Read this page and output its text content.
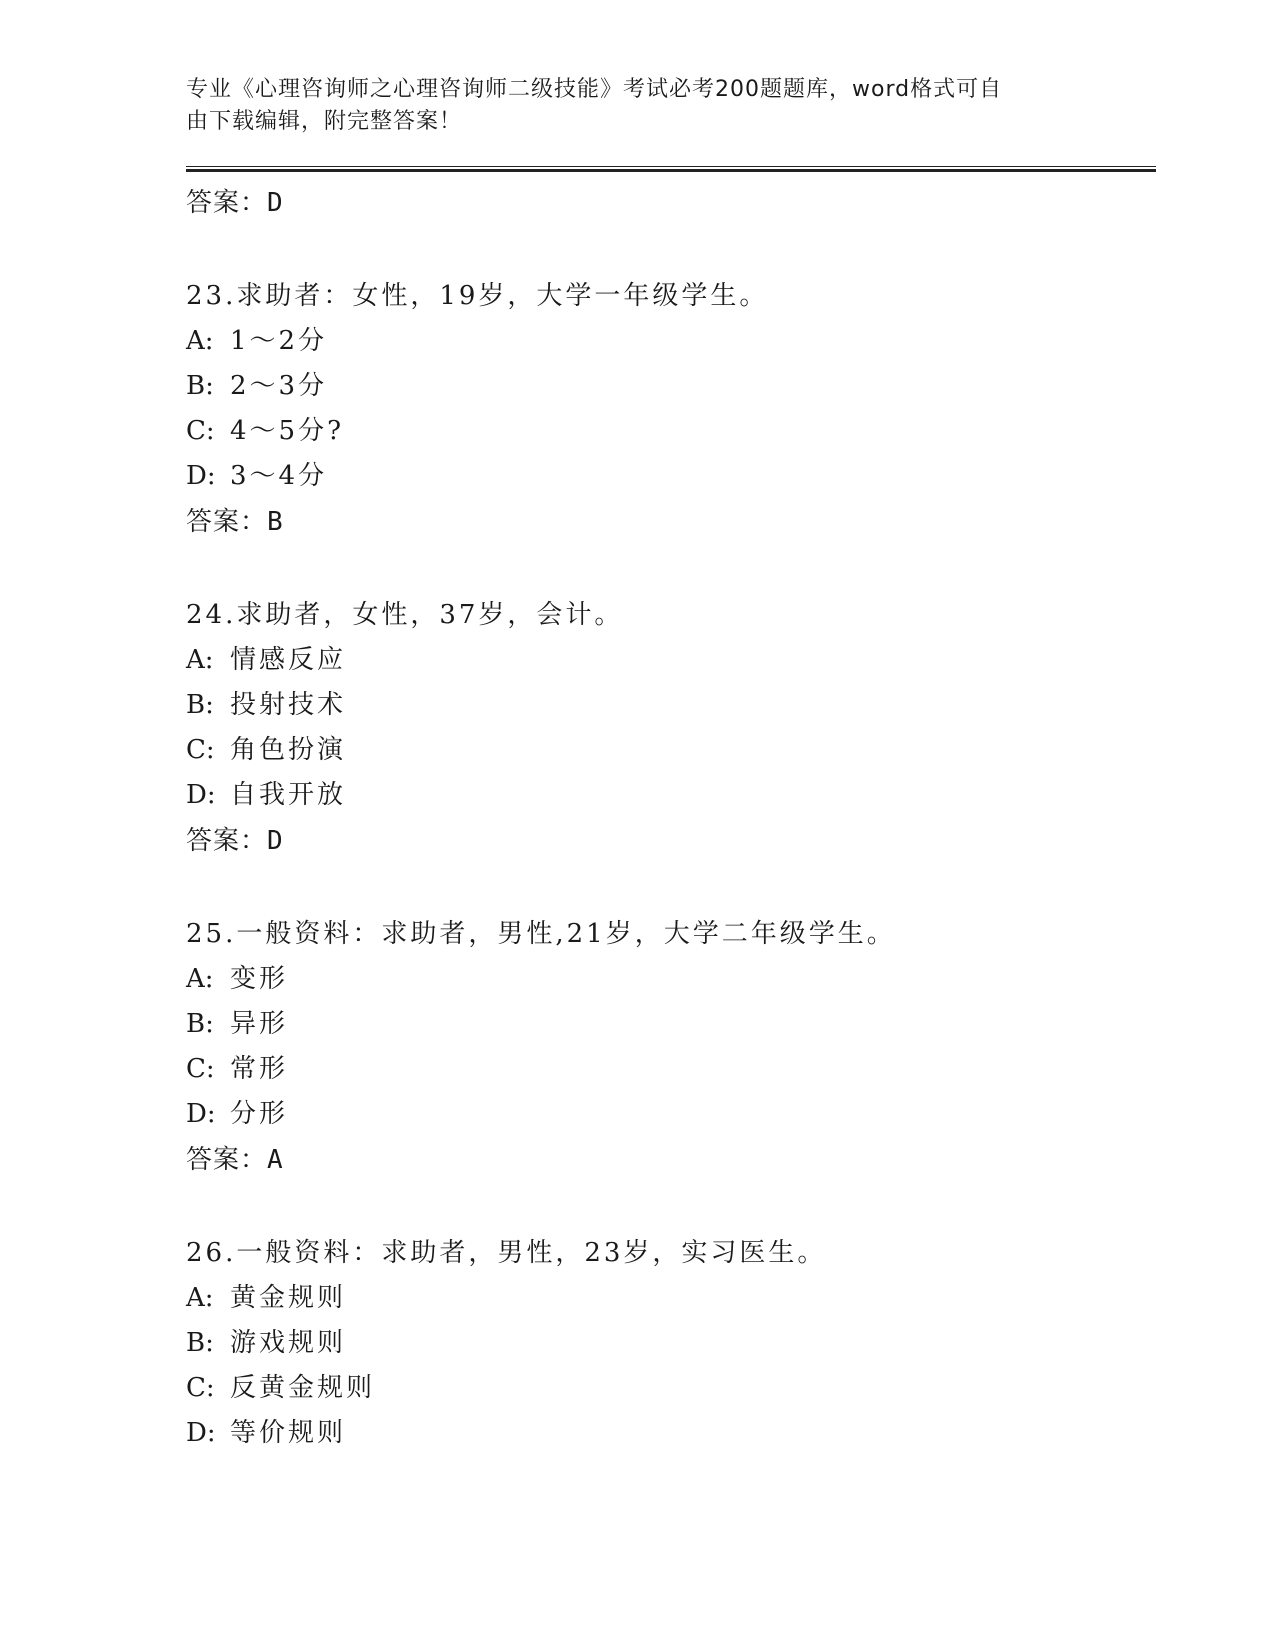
专业《心理咨询师之心理咨询师二级技能》考试必考200题题库，word格式可自
由下载编辑，附完整答案！
答案：D
23.求助者：女性，19岁，大学一年级学生。
A: 1～2分
B: 2～3分
C: 4～5分?
D: 3～4分
答案：B
24.求助者，女性，37岁，会计。
A: 情感反应
B: 投射技术
C: 角色扮演
D: 自我开放
答案：D
25.一般资料：求助者，男性,21岁，大学二年级学生。
A: 变形
B: 异形
C: 常形
D: 分形
答案：A
26.一般资料：求助者，男性，23岁，实习医生。
A: 黄金规则
B: 游戏规则
C: 反黄金规则
D: 等价规则
